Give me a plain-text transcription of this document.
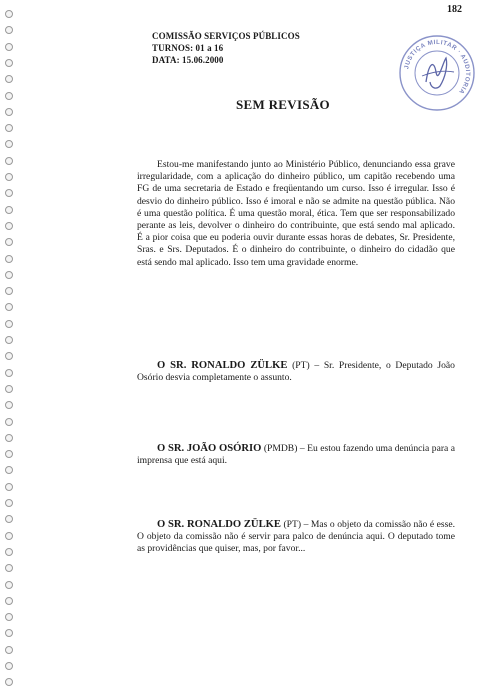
182
COMISSÃO SERVIÇOS PÚBLICOS
TURNOS: 01 a 16
DATA: 15.06.2000
JUSTIÇA MILITAR · AUDITORIA
SEM REVISÃO
Estou-me manifestando junto ao Ministério Público, denunciando essa grave irregularidade, com a aplicação do dinheiro público, um capitão recebendo uma FG de uma secretaria de Estado e freqüentando um curso. Isso é irregular. Isso é desvio do dinheiro público. Isso é imoral e não se admite na questão pública. Não é uma questão política. É uma questão moral, ética. Tem que ser responsabilizado perante as leis, devolver o dinheiro do contribuinte, que está sendo mal aplicado. É a pior coisa que eu poderia ouvir durante essas horas de debates, Sr. Presidente, Sras. e Srs. Deputados. É o dinheiro do contribuinte, o dinheiro do cidadão que está sendo mal aplicado. Isso tem uma gravidade enorme.
O SR. RONALDO ZÜLKE (PT) – Sr. Presidente, o Deputado João Osório desvia completamente o assunto.
O SR. JOÃO OSÓRIO (PMDB) – Eu estou fazendo uma denúncia para a imprensa que está aqui.
O SR. RONALDO ZÜLKE (PT) – Mas o objeto da comissão não é esse. O objeto da comissão não é servir para palco de denúncia aqui. O deputado tome as providências que quiser, mas, por favor...
